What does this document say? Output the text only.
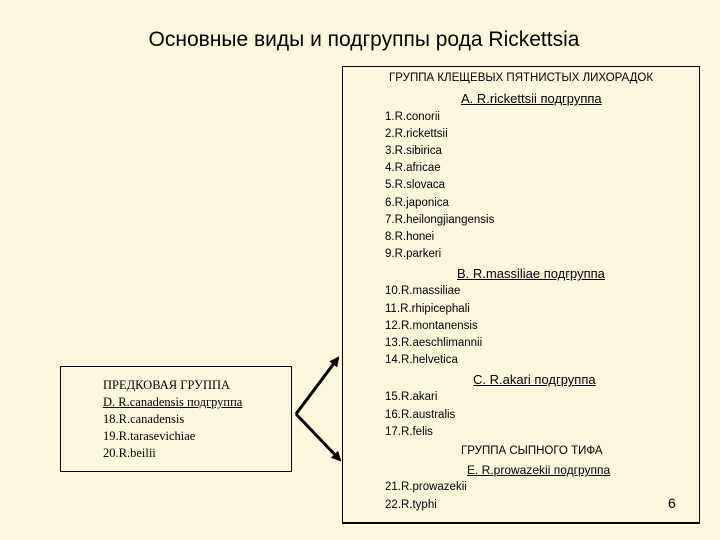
Основные виды и подгруппы рода Rickettsia
ПРЕДКОВАЯ ГРУППА
D. R.canadensis подгруппа
18.R.canadensis
19.R.tarasevichiae
20.R.beilii
ГРУППА КЛЕЩЕВЫХ ПЯТНИСТЫХ ЛИХОРАДОК
A. R.rickettsii подгруппа
1.R.conorii
2.R.rickettsii
3.R.sibirica
4.R.africae
5.R.slovaca
6.R.japonica
7.R.heilongjiangensis
8.R.honei
9.R.parkeri
B. R.massiliae подгруппа
10.R.massiliae
11.R.rhipicephali
12.R.montanensis
13.R.aeschlimannii
14.R.helvetica
C. R.akari подгруппа
15.R.akari
16.R.australis
17.R.felis
ГРУППА СЫПНОГО ТИФА
E. R.prowazekii подгруппа
21.R.prowazekii
22.R.typhi	6
